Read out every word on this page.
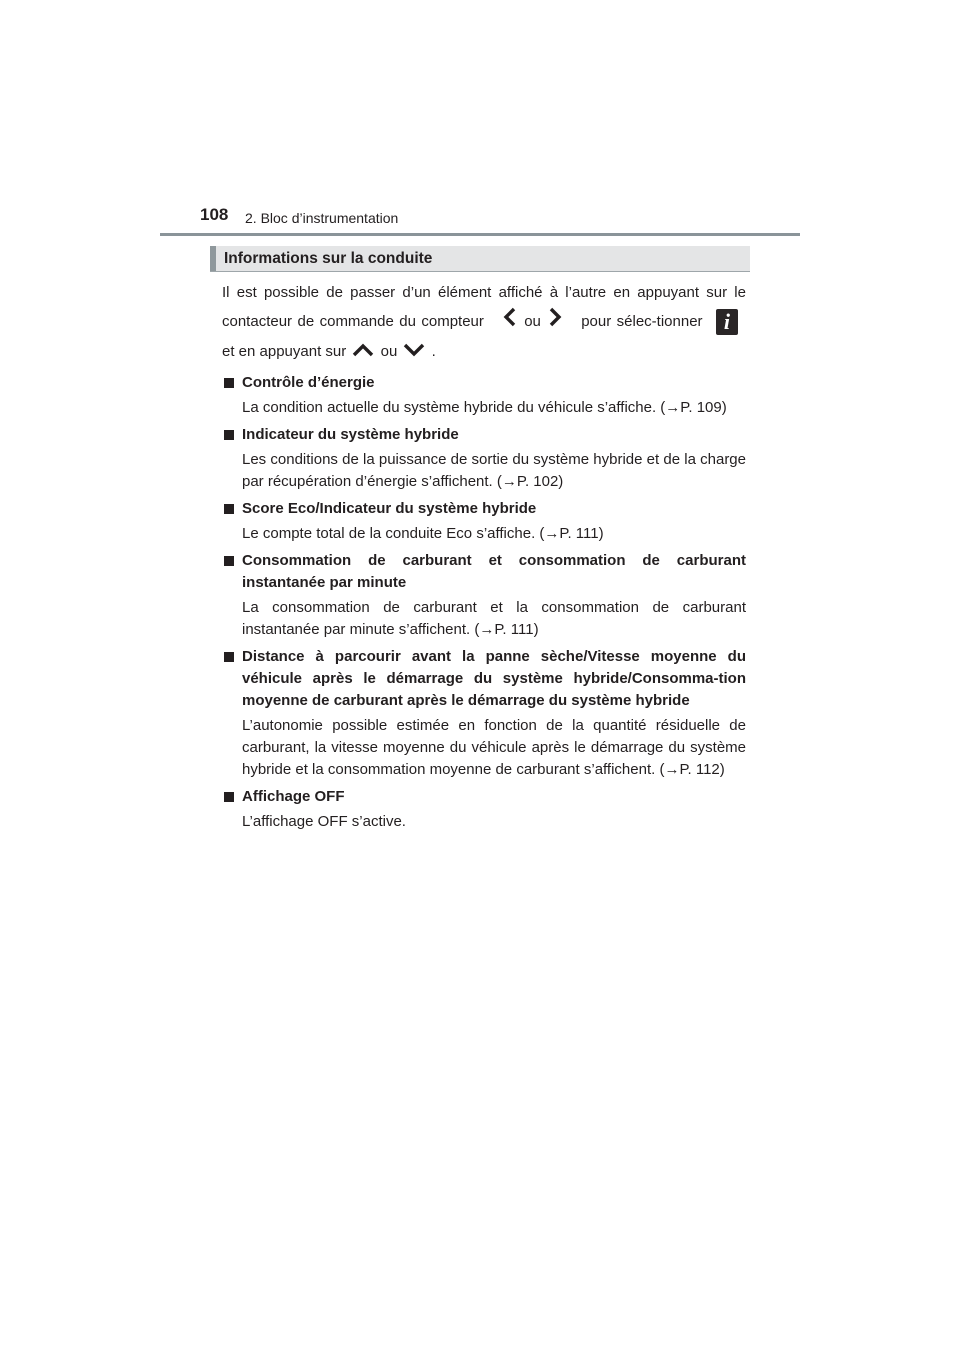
108 2. Bloc d’instrumentation
Informations sur la conduite

Il est possible de passer d’un élément affiché à l’autre en appuyant sur le contacteur de commande du compteur	ou	pour sélec-tionner i et en appuyant sur ou .

Contrôle d’énergie
La condition actuelle du système hybride du véhicule s’affiche. (→P. 109)
Indicateur du système hybride
Les conditions de la puissance de sortie du système hybride et de la charge par récupération d’énergie s’affichent. (→P. 102)
Score Eco/Indicateur du système hybride
Le compte total de la conduite Eco s’affiche. (→P. 111)
Consommation de carburant et consommation de carburant instantanée par minute
La consommation de carburant et la consommation de carburant instantanée par minute s’affichent. (→P. 111)
Distance à parcourir avant la panne sèche/Vitesse moyenne du véhicule après le démarrage du système hybride/Consomma-tion moyenne de carburant après le démarrage du système hybride
L’autonomie possible estimée en fonction de la quantité résiduelle de carburant, la vitesse moyenne du véhicule après le démarrage du système hybride et la consommation moyenne de carburant s’affichent. (→P. 112)
Affichage OFF
L’affichage OFF s’active.
